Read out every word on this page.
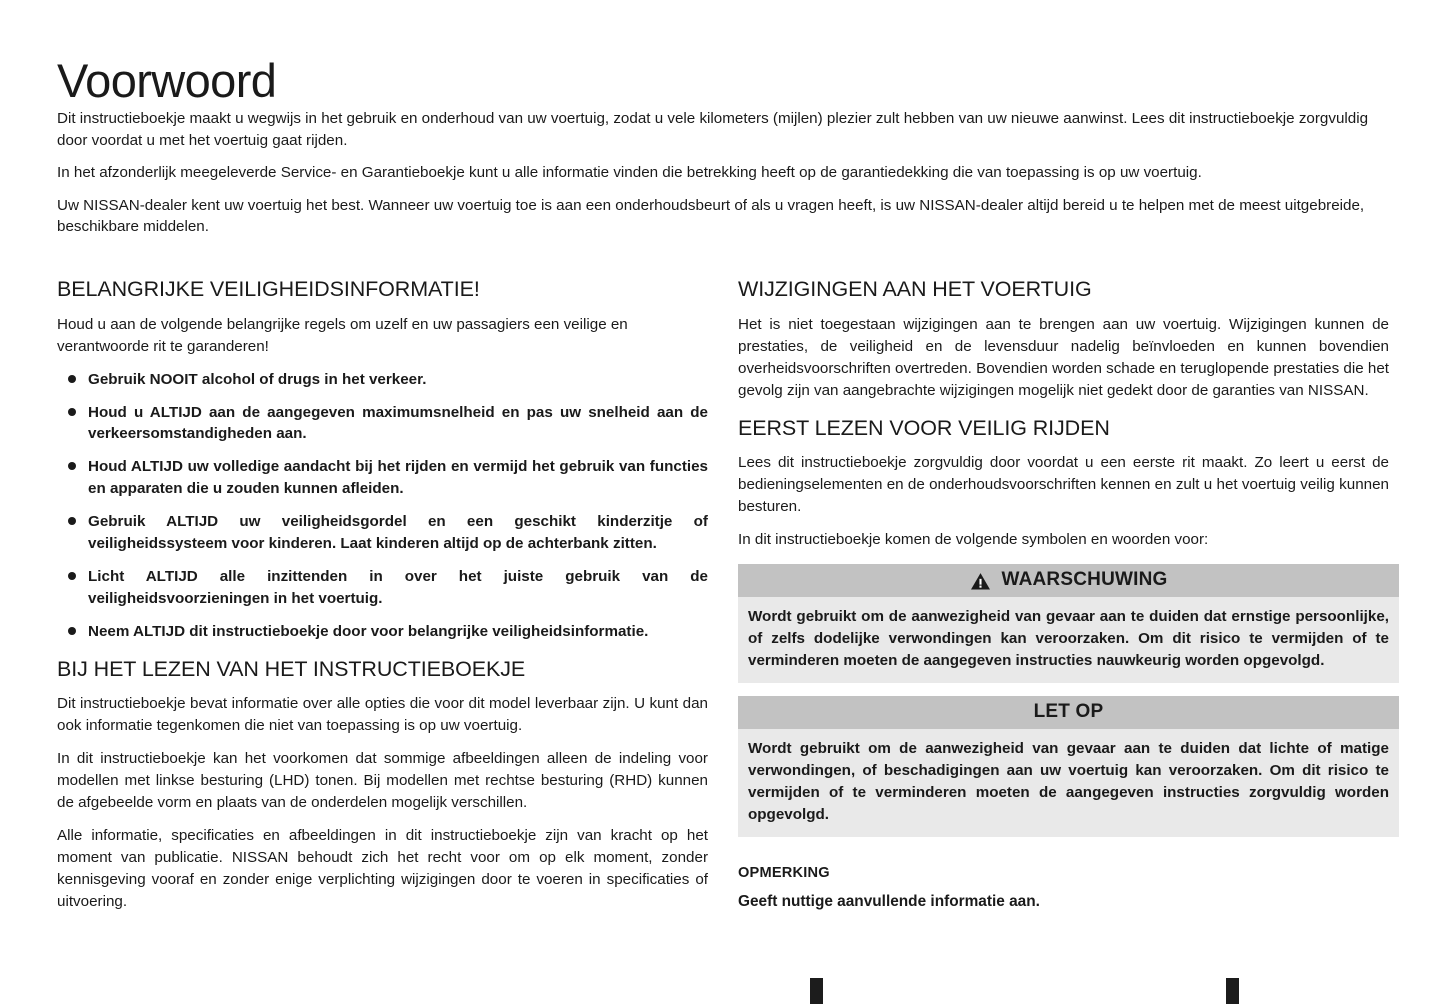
Voorwoord

Dit instructieboekje maakt u wegwijs in het gebruik en onderhoud van uw voertuig, zodat u vele kilometers (mijlen) plezier zult hebben van uw nieuwe aanwinst. Lees dit instructieboekje zorgvuldig door voordat u met het voertuig gaat rijden.

In het afzonderlijk meegeleverde Service- en Garantieboekje kunt u alle informatie vinden die betrekking heeft op de garantiedekking die van toepassing is op uw voertuig.

Uw NISSAN-dealer kent uw voertuig het best. Wanneer uw voertuig toe is aan een onderhoudsbeurt of als u vragen heeft, is uw NISSAN-dealer altijd bereid u te helpen met de meest uitgebreide, beschikbare middelen.

BELANGRIJKE VEILIGHEIDSINFORMATIE!

Houd u aan de volgende belangrijke regels om uzelf en uw passagiers een veilige en verantwoorde rit te garanderen!

Gebruik NOOIT alcohol of drugs in het verkeer.
Houd u ALTIJD aan de aangegeven maximumsnelheid en pas uw snelheid aan de verkeersomstandigheden aan.
Houd ALTIJD uw volledige aandacht bij het rijden en vermijd het gebruik van functies en apparaten die u zouden kunnen afleiden.
Gebruik ALTIJD uw veiligheidsgordel en een geschikt kinderzitje of veiligheidssysteem voor kinderen. Laat kinderen altijd op de achterbank zitten.
Licht ALTIJD alle inzittenden in over het juiste gebruik van de veiligheidsvoorzieningen in het voertuig.
Neem ALTIJD dit instructieboekje door voor belangrijke veiligheidsinformatie.
BIJ HET LEZEN VAN HET INSTRUCTIEBOEKJE

Dit instructieboekje bevat informatie over alle opties die voor dit model leverbaar zijn. U kunt dan ook informatie tegenkomen die niet van toepassing is op uw voertuig.

In dit instructieboekje kan het voorkomen dat sommige afbeeldingen alleen de indeling voor modellen met linkse besturing (LHD) tonen. Bij modellen met rechtse besturing (RHD) kunnen de afgebeelde vorm en plaats van de onderdelen mogelijk verschillen.

Alle informatie, specificaties en afbeeldingen in dit instructieboekje zijn van kracht op het moment van publicatie. NISSAN behoudt zich het recht voor om op elk moment, zonder kennisgeving vooraf en zonder enige verplichting wijzigingen door te voeren in specificaties of uitvoering.

WIJZIGINGEN AAN HET VOERTUIG

Het is niet toegestaan wijzigingen aan te brengen aan uw voertuig. Wijzigingen kunnen de prestaties, de veiligheid en de levensduur nadelig beïnvloeden en kunnen bovendien overheidsvoorschriften overtreden. Bovendien worden schade en teruglopende prestaties die het gevolg zijn van aangebrachte wijzigingen mogelijk niet gedekt door de garanties van NISSAN.

EERST LEZEN VOOR VEILIG RIJDEN

Lees dit instructieboekje zorgvuldig door voordat u een eerste rit maakt. Zo leert u eerst de bedieningselementen en de onderhoudsvoorschriften kennen en zult u het voertuig veilig kunnen besturen.

In dit instructieboekje komen de volgende symbolen en woorden voor:

WAARSCHUWING

Wordt gebruikt om de aanwezigheid van gevaar aan te duiden dat ernstige persoonlijke, of zelfs dodelijke verwondingen kan veroorzaken. Om dit risico te vermijden of te verminderen moeten de aangegeven instructies nauwkeurig worden opgevolgd.

LET OP

Wordt gebruikt om de aanwezigheid van gevaar aan te duiden dat lichte of matige verwondingen, of beschadigingen aan uw voertuig kan veroorzaken. Om dit risico te vermijden of te verminderen moeten de aangegeven instructies zorgvuldig worden opgevolgd.

OPMERKING

Geeft nuttige aanvullende informatie aan.
